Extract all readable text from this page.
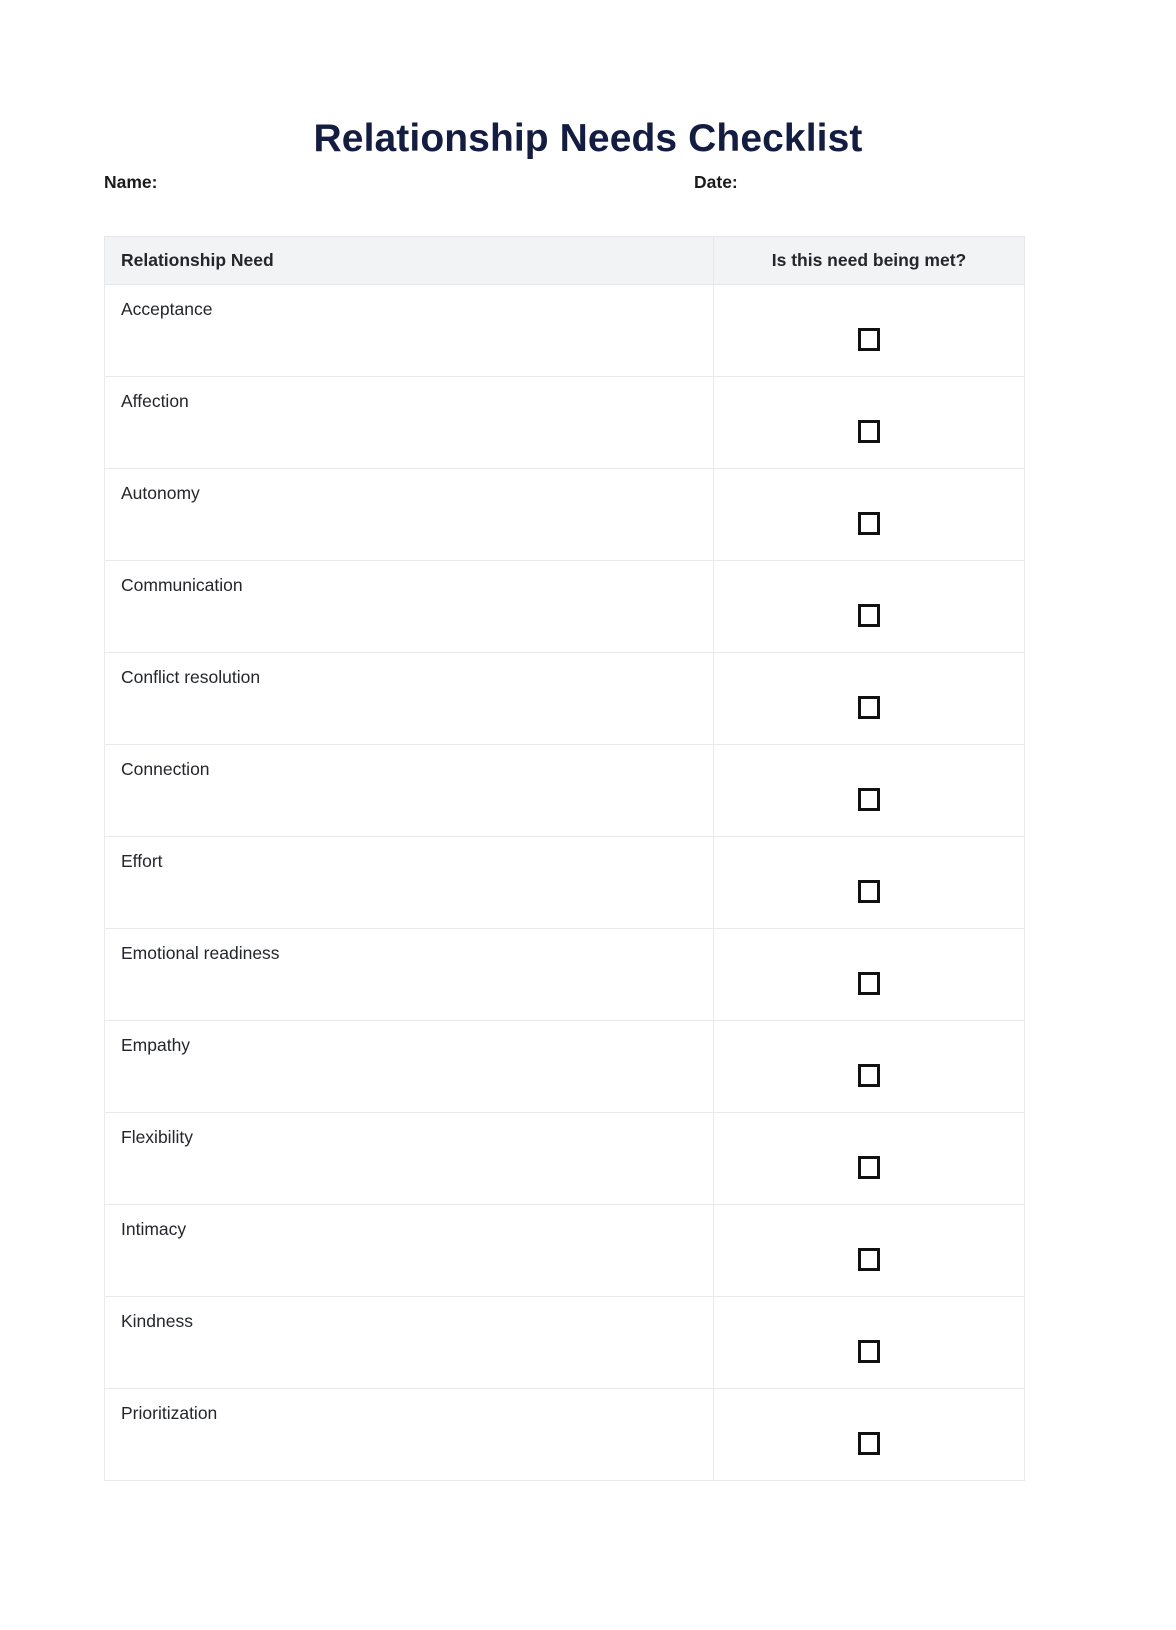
Relationship Needs Checklist
Name:	Date:
Relationship Need	Is this need being met?
Acceptance	
Affection	
Autonomy	
Communication	
Conflict resolution	
Connection	
Effort	
Emotional readiness	
Empathy	
Flexibility	
Intimacy	
Kindness	
Prioritization	
